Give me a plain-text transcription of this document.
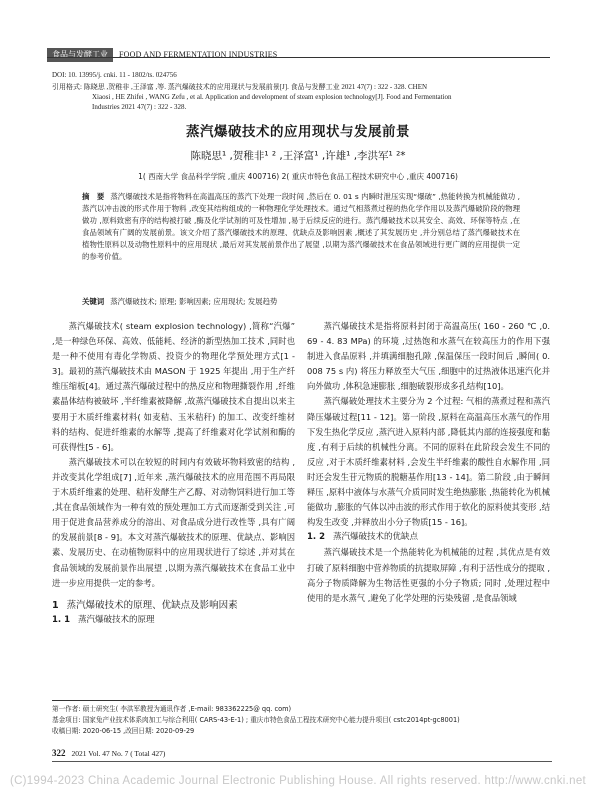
食品与发酵工业 FOOD AND FERMENTATION INDUSTRIES
DOI: 10. 13995/j. cnki. 11 - 1802/ts. 024756
引用格式: 陈晓思 ,贺稚非 ,王泽富 ,等. 蒸汽爆破技术的应用现状与发展前景[J]. 食品与发酵工业 2021 47(7) : 322 - 328. CHEN
Xiaosi , HE Zhifei , WANG Zefu , et al. Application and development of steam explosion technology[J]. Food and Fermentation
Industries 2021 47(7) : 322 - 328.
蒸汽爆破技术的应用现状与发展前景
陈晓思¹ ,贺稚非¹ ² ,王泽富¹ ,许雄¹ ,李洪军¹ ²*
1( 西南大学 食品科学学院 ,重庆 400716) 2( 重庆市特色食品工程技术研究中心 ,重庆 400716)
摘　要 蒸汽爆破技术是指将物料在高温高压的蒸汽下处理一段时间 ,然后在 0. 01 s 内瞬时泄压实现“爆破” ,热能转换为机械能做功 ,蒸汽以冲击波的形式作用于物料 ,改变其结构组成的一种物理化学处理技术。通过气相蒸煮过程的热化学作用以及蒸汽爆破阶段的物理做功 ,原料致密有序的结构被打破 ,酶及化学试剂的可及性增加 ,易于后续反应的进行。蒸汽爆破技术以其安全、高效、环保等特点 ,在食品领域有广阔的发展前景。该文介绍了蒸汽爆破技术的原理、优缺点及影响因素 ,概述了其发展历史 ,并分别总结了蒸汽爆破技术在植物性原料以及动物性原料中的应用现状 ,最后对其发展前景作出了展望 ,以期为蒸汽爆破技术在食品领域进行更广阔的应用提供一定的参考价值。
关键词 蒸汽爆破技术; 原理; 影响因素; 应用现状; 发展趋势

蒸汽爆破技术( steam explosion technology) ,简称“汽爆” ,是一种绿色环保、高效、低能耗、经济的新型热加工技术 ,同时也是一种不使用有毒化学物质、投资少的物理化学预处理方式[1 - 3]。最初的蒸汽爆破技术由 MASON 于 1925 年提出 ,用于生产纤维压缩板[4]。通过蒸汽爆破过程中的热反应和物理撕裂作用 ,纤维素晶体结构被破坏 ,半纤维素被降解 ,故蒸汽爆破技术自提出以来主要用于木质纤维素材料( 如麦秸、玉米秸秆) 的加工、改变纤维材料的结构、促进纤维素的水解等 ,提高了纤维素对化学试剂和酶的可获得性[5 - 6]。

蒸汽爆破技术可以在较短的时间内有效破坏物料致密的结构 ,并改变其化学组成[7] ,近年来 ,蒸汽爆破技术的应用范围不再局限于木质纤维素的处理、秸秆发酵生产乙醇、对动物饲料进行加工等 ,其在食品领域作为一种有效的预处理加工方式而逐渐受到关注 ,可用于促进食品营养成分的溶出、对食品成分进行改性等 ,具有广阔的发展前景[8 - 9]。本文对蒸汽爆破技术的原理、优缺点、影响因素、发展历史、在动植物原料中的应用现状进行了综述 ,并对其在食品领域的发展前景作出展望 ,以期为蒸汽爆破技术在食品工业中进一步应用提供一定的参考。

1 蒸汽爆破技术的原理、优缺点及影响因素
1. 1 蒸汽爆破技术的原理

蒸汽爆破技术是指将原料封闭于高温高压( 160 - 260 ℃ ,0. 69 - 4. 83 MPa) 的环境 ,过热饱和水蒸气在较高压力的作用下强制进入食品原料 ,并填满细胞孔隙 ,保温保压一段时间后 ,瞬间( 0. 008 75 s 内) 将压力释放至大气压 ,细胞中的过热液体迅速汽化并向外做功 ,体积急速膨胀 ,细胞破裂形成多孔结构[10]。

蒸汽爆破处理技术主要分为 2 个过程: 气相的蒸煮过程和蒸汽降压爆破过程[11 - 12]。第一阶段 ,原料在高温高压水蒸气的作用下发生热化学反应 ,蒸汽进入原料内部 ,降低其内部的连接强度和黏度 ,有利于后续的机械性分离。不同的原料在此阶段会发生不同的反应 ,对于木质纤维素材料 ,会发生半纤维素的酸性自水解作用 ,同时还会发生苷元物质的脱糖基作用[13 - 14]。第二阶段 ,由于瞬间释压 ,原料中液体与水蒸气介质同时发生绝热膨胀 ,热能转化为机械能做功 ,膨胀的气体以冲击波的形式作用于软化的原料使其变形 ,结构发生改变 ,并释放出小分子物质[15 - 16]。

1. 2 蒸汽爆破技术的优缺点

蒸汽爆破技术是一个热能转化为机械能的过程 ,其优点是有效打破了原料细胞中营养物质的抗提取屏障 ,有利于活性成分的提取 ,高分子物质降解为生物活性更强的小分子物质; 同时 ,处理过程中使用的是水蒸气 ,避免了化学处理的污染残留 ,是食品领域

第一作者: 硕士研究生( 李洪军教授为通讯作者 ,E-mail: 983362225@ qq. com)
基金项目: 国家兔产业技术体系肉加工与综合利用( CARS-43-E-1) ; 重庆市特色食品工程技术研究中心能力提升项目( cstc2014pt-gc8001)
收稿日期: 2020-06-15 ,改回日期: 2020-09-29
322 2021 Vol. 47 No. 7 ( Total 427)
(C)1994-2023 China Academic Journal Electronic Publishing House. All rights reserved. http://www.cnki.net
